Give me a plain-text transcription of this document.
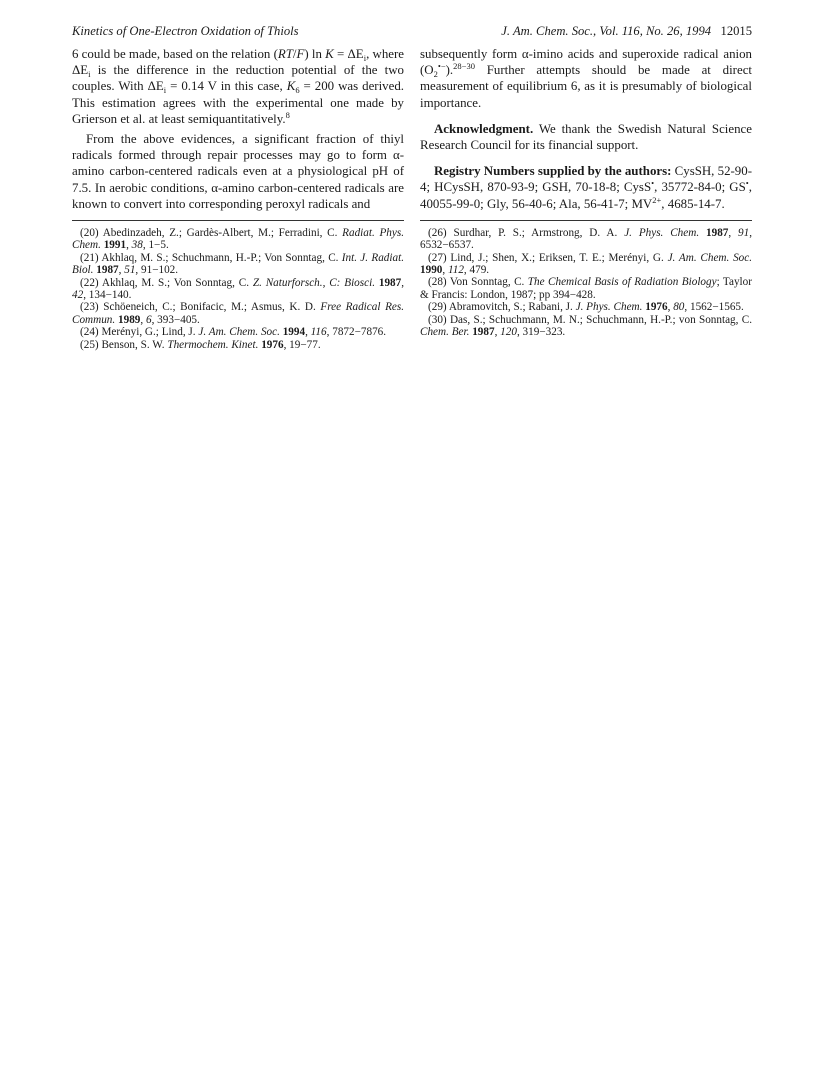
Kinetics of One-Electron Oxidation of Thiols	J. Am. Chem. Soc., Vol. 116, No. 26, 1994 12015

6 could be made, based on the relation (RT/F) $\ln K = \Delta E_i$, where $\Delta E_i$ is the difference in the reduction potential of the two couples. With $\Delta E_i = 0.14$ V in this case, $K_6 = 200$ was derived. This estimation agrees with the experimental one made by Grierson et al. at least semiquantitatively.$^8$

From the above evidences, a significant fraction of thiyl radicals formed through repair processes may go to form α-amino carbon-centered radicals even at a physiological pH of 7.5. In aerobic conditions, α-amino carbon-centered radicals are known to convert into corresponding peroxyl radicals and

(20) Abedinzadeh, Z.; Gardès-Albert, M.; Ferradini, C. Radiat. Phys. Chem. 1991, 38, 1−5.

(21) Akhlaq, M. S.; Schuchmann, H.-P.; Von Sonntag, C. Int. J. Radiat. Biol. 1987, 51, 91−102.

(22) Akhlaq, M. S.; Von Sonntag, C. Z. Naturforsch., C: Biosci. 1987, 42, 134−140.

(23) Schöeneich, C.; Bonifacic, M.; Asmus, K. D. Free Radical Res. Commun. 1989, 6, 393−405.

(24) Merényi, G.; Lind, J. J. Am. Chem. Soc. 1994, 116, 7872−7876.

(25) Benson, S. W. Thermochem. Kinet. 1976, 19−77.

subsequently form α-imino acids and superoxide radical anion $(O_2^{•-}).^{28-30}$ Further attempts should be made at direct measurement of equilibrium 6, as it is presumably of biological importance.

Acknowledgment. We thank the Swedish Natural Science Research Council for its financial support.

Registry Numbers supplied by the authors: CysSH, 52-90-4; HCysSH, 870-93-9; GSH, 70-18-8; CysS•, 35772-84-0; GS•, 40055-99-0; Gly, 56-40-6; Ala, 56-41-7; $MV^{2+}$, 4685-14-7.

(26) Surdhar, P. S.; Armstrong, D. A. J. Phys. Chem. 1987, 91, 6532−6537.

(27) Lind, J.; Shen, X.; Eriksen, T. E.; Merényi, G. J. Am. Chem. Soc. 1990, 112, 479.

(28) Von Sonntag, C. The Chemical Basis of Radiation Biology; Taylor & Francis: London, 1987; pp 394−428.

(29) Abramovitch, S.; Rabani, J. J. Phys. Chem. 1976, 80, 1562−1565.

(30) Das, S.; Schuchmann, M. N.; Schuchmann, H.-P.; von Sonntag, C. Chem. Ber. 1987, 120, 319−323.
